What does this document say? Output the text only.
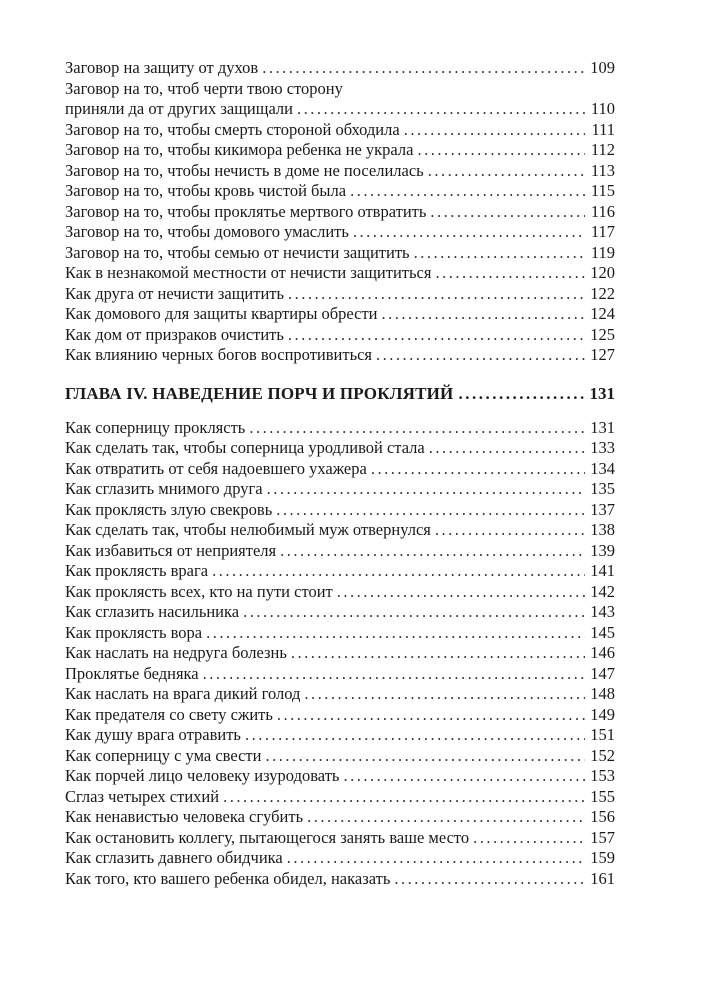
Заговор на защиту от духов .....	109
Заговор на то, чтоб черти твою сторону
приняли да от других защищали .....	110
Заговор на то, чтобы смерть стороной обходила .....	111
Заговор на то, чтобы кикимора ребенка не украла .....	112
Заговор на то, чтобы нечисть в доме не поселилась .....	113
Заговор на то, чтобы кровь чистой была .....	115
Заговор на то, чтобы проклятье мертвого отвратить .....	116
Заговор на то, чтобы домового умаслить .....	117
Заговор на то, чтобы семью от нечисти защитить .....	119
Как в незнакомой местности от нечисти защититься .....	120
Как друга от нечисти защитить .....	122
Как домового для защиты квартиры обрести .....	124
Как дом от призраков очистить .....	125
Как влиянию черных богов воспротивиться .....	127
ГЛАВА IV. НАВЕДЕНИЕ ПОРЧ И ПРОКЛЯТИЙ .....	131
Как соперницу проклясть .....	131
Как сделать так, чтобы соперница уродливой стала .....	133
Как отвратить от себя надоевшего ухажера .....	134
Как сглазить мнимого друга .....	135
Как проклясть злую свекровь .....	137
Как сделать так, чтобы нелюбимый муж отвернулся .....	138
Как избавиться от неприятеля .....	139
Как проклясть врага .....	141
Как проклясть всех, кто на пути стоит .....	142
Как сглазить насильника .....	143
Как проклясть вора .....	145
Как наслать на недруга болезнь .....	146
Проклятье бедняка .....	147
Как наслать на врага дикий голод .....	148
Как предателя со свету сжить .....	149
Как душу врага отравить .....	151
Как соперницу с ума свести .....	152
Как порчей лицо человеку изуродовать .....	153
Сглаз четырех стихий .....	155
Как ненавистью человека сгубить .....	156
Как остановить коллегу, пытающегося занять ваше место .....	157
Как сглазить давнего обидчика .....	159
Как того, кто вашего ребенка обидел, наказать .....	161
